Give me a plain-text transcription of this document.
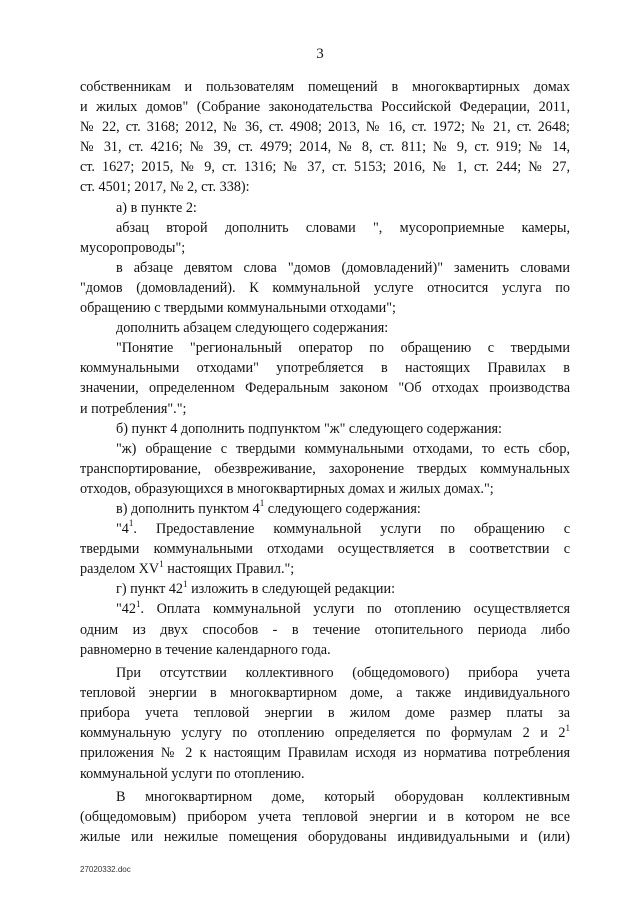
3
собственникам и пользователям помещений в многоквартирных домах
и жилых домов" (Собрание законодательства Российской Федерации, 2011,
№ 22, ст. 3168; 2012, № 36, ст. 4908; 2013, № 16, ст. 1972; № 21, ст. 2648;
№ 31, ст. 4216; № 39, ст. 4979; 2014, № 8, ст. 811; № 9, ст. 919; № 14,
ст. 1627; 2015, № 9, ст. 1316; № 37, ст. 5153; 2016, № 1, ст. 244; № 27,
ст. 4501; 2017, № 2, ст. 338):
а) в пункте 2:
абзац второй дополнить словами ", мусороприемные камеры,
мусоропроводы";
в абзаце девятом слова "домов (домовладений)" заменить словами
"домов (домовладений). К коммунальной услуге относится услуга по
обращению с твердыми коммунальными отходами";
дополнить абзацем следующего содержания:
"Понятие "региональный оператор по обращению с твердыми
коммунальными отходами" употребляется в настоящих Правилах в
значении, определенном Федеральным законом "Об отходах производства
и потребления".";
б) пункт 4 дополнить подпунктом "ж" следующего содержания:
"ж) обращение с твердыми коммунальными отходами, то есть сбор,
транспортирование, обезвреживание, захоронение твердых коммунальных
отходов, образующихся в многоквартирных домах и жилых домах.";
в) дополнить пунктом $4^1$ следующего содержания:
"$4^1$. Предоставление коммунальной услуги по обращению с
твердыми коммунальными отходами осуществляется в соответствии с
разделом $XV^1$ настоящих Правил.";
г) пункт $42^1$ изложить в следующей редакции:
"$42^1$. Оплата коммунальной услуги по отоплению осуществляется
одним из двух способов - в течение отопительного периода либо
равномерно в течение календарного года.
При отсутствии коллективного (общедомового) прибора учета
тепловой энергии в многоквартирном доме, а также индивидуального
прибора учета тепловой энергии в жилом доме размер платы за
коммунальную услугу по отоплению определяется по формулам 2 и $2^1$
приложения № 2 к настоящим Правилам исходя из норматива потребления
коммунальной услуги по отоплению.
В многоквартирном доме, который оборудован коллективным
(общедомовым) прибором учета тепловой энергии и в котором не все
жилые или нежилые помещения оборудованы индивидуальными и (или)
27020332.doc
